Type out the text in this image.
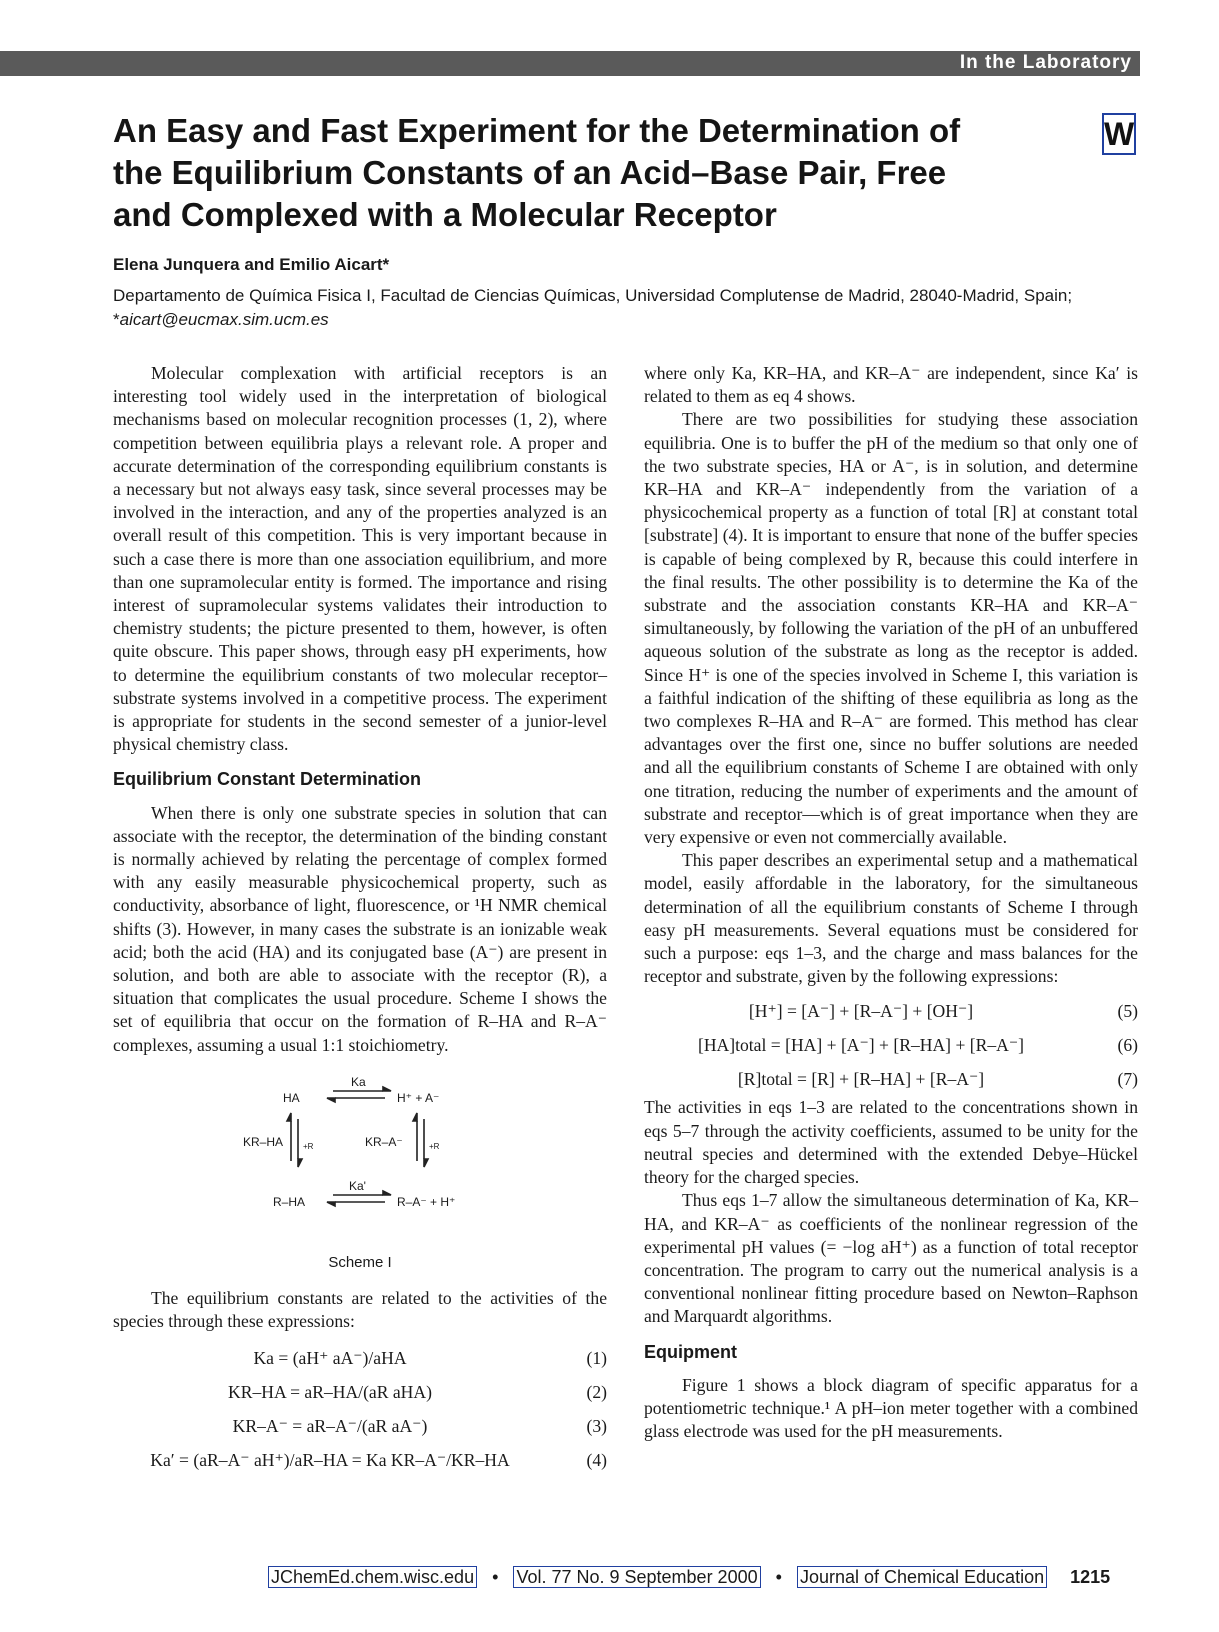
In the Laboratory
An Easy and Fast Experiment for the Determination of the Equilibrium Constants of an Acid–Base Pair, Free and Complexed with a Molecular Receptor
W
Elena Junquera and Emilio Aicart*
Departamento de Química Fisica I, Facultad de Ciencias Químicas, Universidad Complutense de Madrid, 28040-Madrid, Spain; *aicart@eucmax.sim.ucm.es

Molecular complexation with artificial receptors is an interesting tool widely used in the interpretation of biological mechanisms based on molecular recognition processes (1, 2), where competition between equilibria plays a relevant role. A proper and accurate determination of the corresponding equilibrium constants is a necessary but not always easy task, since several processes may be involved in the interaction, and any of the properties analyzed is an overall result of this competition. This is very important because in such a case there is more than one association equilibrium, and more than one supramolecular entity is formed. The importance and rising interest of supramolecular systems validates their introduction to chemistry students; the picture presented to them, however, is often quite obscure. This paper shows, through easy pH experiments, how to determine the equilibrium constants of two molecular receptor–substrate systems involved in a competitive process. The experiment is appropriate for students in the second semester of a junior-level physical chemistry class.

Equilibrium Constant Determination

When there is only one substrate species in solution that can associate with the receptor, the determination of the binding constant is normally achieved by relating the percentage of complex formed with any easily measurable physicochemical property, such as conductivity, absorbance of light, fluorescence, or ¹H NMR chemical shifts (3). However, in many cases the substrate is an ionizable weak acid; both the acid (HA) and its conjugated base (A⁻) are present in solution, and both are able to associate with the receptor (R), a situation that complicates the usual procedure. Scheme I shows the set of equilibria that occur on the formation of R–HA and R–A⁻ complexes, assuming a usual 1:1 stoichiometry.

Ka
HA	H⁺ + A⁻
KR–HA +R	KR–A⁻	+R
Ka'
R–HA	R–A⁻ + H⁺
Scheme I

The equilibrium constants are related to the activities of the species through these expressions:

Ka = (aH⁺ aA⁻)/aHA	(1)
KR–HA = aR–HA/(aR aHA)	(2)
KR–A⁻ = aR–A⁻/(aR aA⁻)	(3)
Ka′ = (aR–A⁻ aH⁺)/aR–HA = Ka KR–A⁻/KR–HA	(4)

where only Ka, KR–HA, and KR–A⁻ are independent, since Ka′ is related to them as eq 4 shows.

There are two possibilities for studying these association equilibria. One is to buffer the pH of the medium so that only one of the two substrate species, HA or A⁻, is in solution, and determine KR–HA and KR–A⁻ independently from the variation of a physicochemical property as a function of total [R] at constant total [substrate] (4). It is important to ensure that none of the buffer species is capable of being complexed by R, because this could interfere in the final results. The other possibility is to determine the Ka of the substrate and the association constants KR–HA and KR–A⁻ simultaneously, by following the variation of the pH of an unbuffered aqueous solution of the substrate as long as the receptor is added. Since H⁺ is one of the species involved in Scheme I, this variation is a faithful indication of the shifting of these equilibria as long as the two complexes R–HA and R–A⁻ are formed. This method has clear advantages over the first one, since no buffer solutions are needed and all the equilibrium constants of Scheme I are obtained with only one titration, reducing the number of experiments and the amount of substrate and receptor—which is of great importance when they are very expensive or even not commercially available.

This paper describes an experimental setup and a mathematical model, easily affordable in the laboratory, for the simultaneous determination of all the equilibrium constants of Scheme I through easy pH measurements. Several equations must be considered for such a purpose: eqs 1–3, and the charge and mass balances for the receptor and substrate, given by the following expressions:

[H⁺] = [A⁻] + [R–A⁻] + [OH⁻]	(5)
[HA]total = [HA] + [A⁻] + [R–HA] + [R–A⁻]	(6)
[R]total = [R] + [R–HA] + [R–A⁻]	(7)

The activities in eqs 1–3 are related to the concentrations shown in eqs 5–7 through the activity coefficients, assumed to be unity for the neutral species and determined with the extended Debye–Hückel theory for the charged species.

Thus eqs 1–7 allow the simultaneous determination of Ka, KR–HA, and KR–A⁻ as coefficients of the nonlinear regression of the experimental pH values (= −log aH⁺) as a function of total receptor concentration. The program to carry out the numerical analysis is a conventional nonlinear fitting procedure based on Newton–Raphson and Marquardt algorithms.

Equipment

Figure 1 shows a block diagram of specific apparatus for a potentiometric technique.¹ A pH–ion meter together with a combined glass electrode was used for the pH measurements.

JChemEd.chem.wisc.edu • Vol. 77 No. 9 September 2000 • Journal of Chemical Education 1215
